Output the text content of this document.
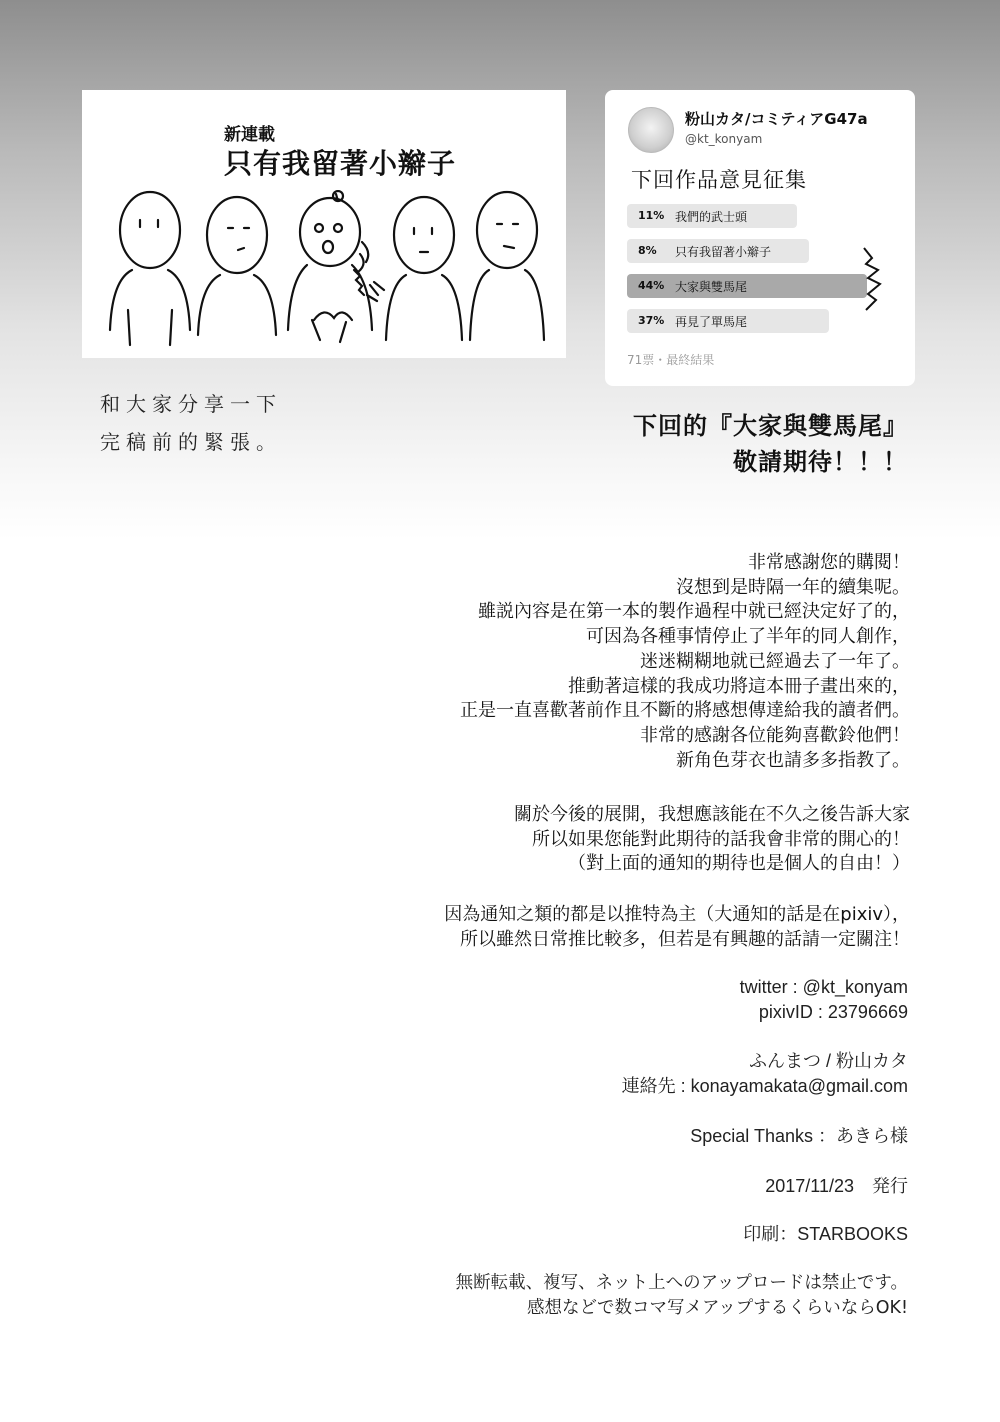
新連載

只有我留著小辮子

粉山カタ/コミティアG47a

@kt_konyam

下回作品意見征集

11% 我們的武士頭
8% 只有我留著小辮子
44% 大家與雙馬尾
37% 再見了單馬尾

71票・最終結果

和大家分享一下
完稿前的緊張。

下回的『大家與雙馬尾』
敬請期待！！！

非常感謝您的購閱！
沒想到是時隔一年的續集呢。
雖説內容是在第一本的製作過程中就已經決定好了的，
可因為各種事情停止了半年的同人創作，
迷迷糊糊地就已經過去了一年了。
推動著這樣的我成功將這本冊子畫出來的，
正是一直喜歡著前作且不斷的將感想傳達給我的讀者們。
非常的感謝各位能夠喜歡鈴他們！
新角色芽衣也請多多指教了。

關於今後的展開，我想應該能在不久之後告訴大家
所以如果您能對此期待的話我會非常的開心的！
（對上面的通知的期待也是個人的自由！）

因為通知之類的都是以推特為主（大通知的話是在pixiv），
所以雖然日常推比較多，但若是有興趣的話請一定關注！

twitter : @kt_konyam
pixivID : 23796669

ふんまつ / 粉山カタ
連絡先 : konayamakata@gmail.com

Special Thanks ：あきら様

2017/11/23　発行

印刷：STARBOOKS

無断転載、複写、ネット上へのアップロードは禁止です。
感想などで数コマ写メアップするくらいならOK!
